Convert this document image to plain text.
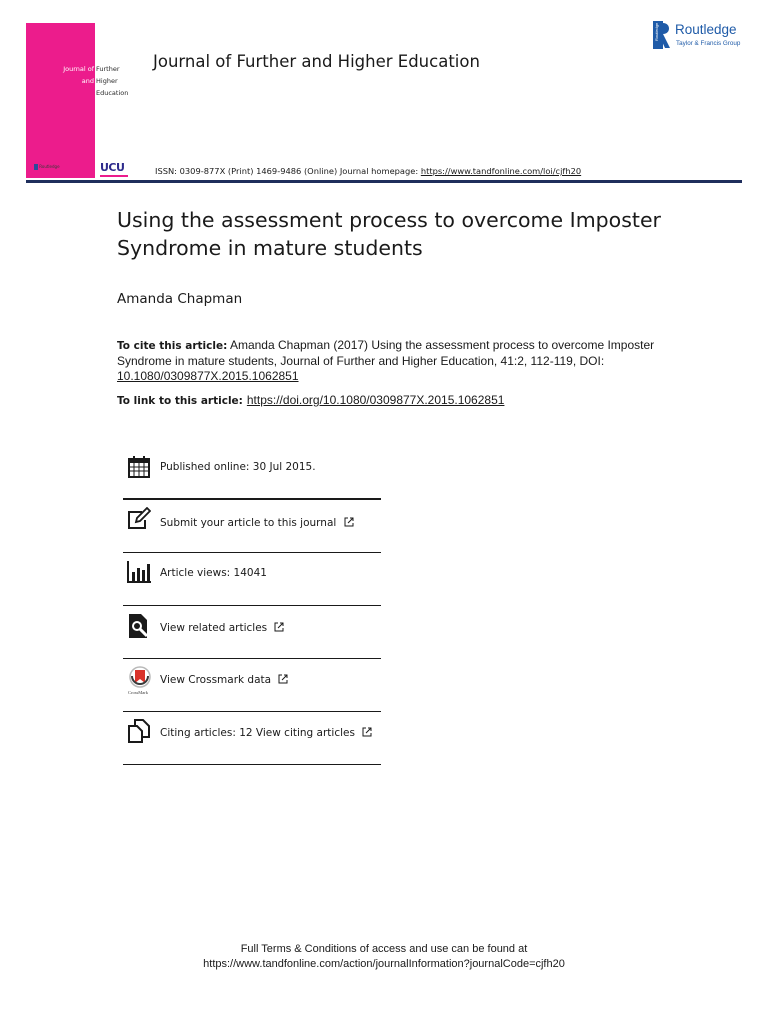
Journal of Further
and Higher
Education
Routledge	UCU
Journal of Further and Higher Education
ISSN: 0309-877X (Print) 1469-9486 (Online) Journal homepage: https://www.tandfonline.com/loi/cjfh20
Routledge Routledge
Taylor & Francis Group
Using the assessment process to overcome Imposter Syndrome in mature students
Amanda Chapman
To cite this article: Amanda Chapman (2017) Using the assessment process to overcome Imposter Syndrome in mature students, Journal of Further and Higher Education, 41:2, 112-119, DOI: 10.1080/0309877X.2015.1062851
To link to this article: https://doi.org/10.1080/0309877X.2015.1062851
Published online: 30 Jul 2015.
Submit your article to this journal
Article views: 14041
View related articles
CrossMark
View Crossmark data
Citing articles: 12 View citing articles
Full Terms & Conditions of access and use can be found at
https://www.tandfonline.com/action/journalInformation?journalCode=cjfh20
